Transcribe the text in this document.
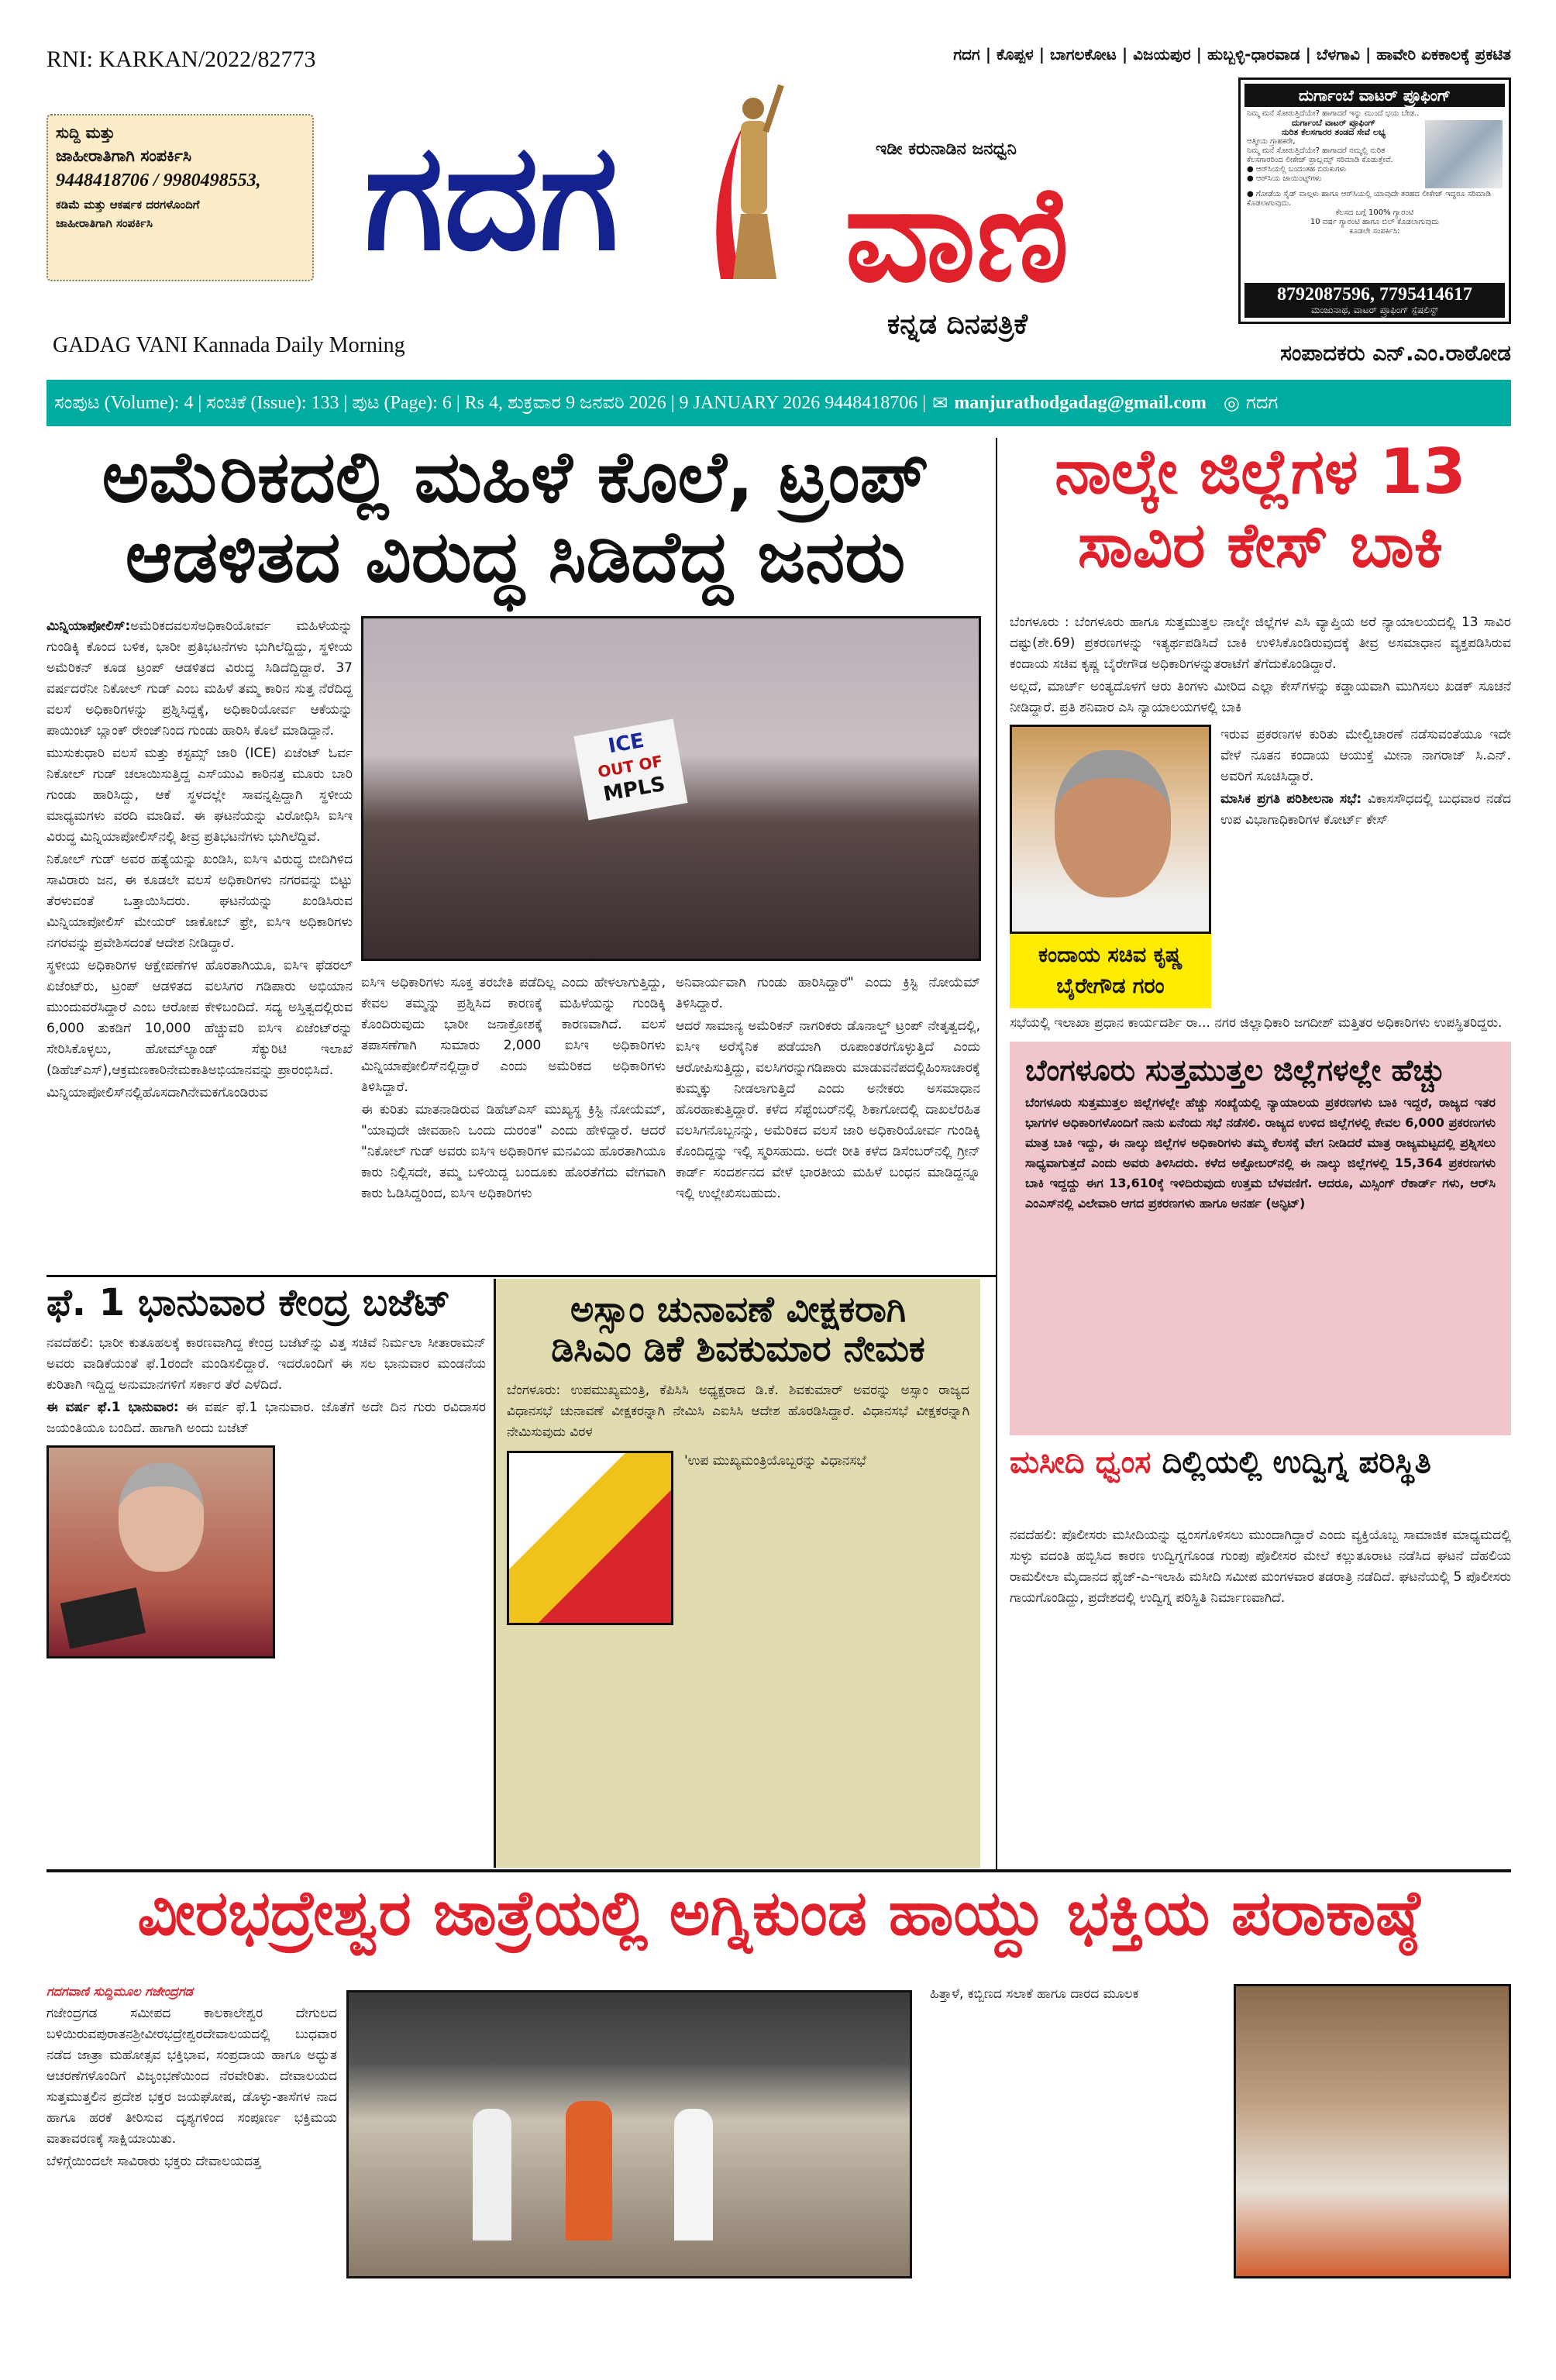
RNI: KARKAN/2022/82773	ಗದಗ | ಕೊಪ್ಪಳ | ಬಾಗಲಕೋಟ | ವಿಜಯಪುರ | ಹುಬ್ಬಳ್ಳಿ-ಧಾರವಾಡ | ಬೆಳಗಾವಿ | ಹಾವೇರಿ ಏಕಕಾಲಕ್ಕೆ ಪ್ರಕಟಿತ
ಸುದ್ದಿ ಮತ್ತು
ಜಾಹೀರಾತಿಗಾಗಿ ಸಂಪರ್ಕಿಸಿ
9448418706 / 9980498553,
ಕಡಿಮೆ ಮತ್ತು ಆಕರ್ಷಕ ದರಗಳೊಂದಿಗೆ
ಜಾಹೀರಾತಿಗಾಗಿ ಸಂಪರ್ಕಿಸಿ	ಗದಗ	ಇಡೀ ಕರುನಾಡಿನ ಜನಧ್ವನಿ
ವಾಣಿ
ಕನ್ನಡ ದಿನಪತ್ರಿಕೆ
ದುರ್ಗಾಂಬೆ ವಾಟರ್ ಪ್ರೂಫಿಂಗ್
ನಿಮ್ಮ ಮನೆ ಸೋರುತ್ತಿದೆಯೇ? ಹಾಗಾದರೆ ಇನ್ನು ಮುಂದೆ ಭಯ ಬೇಡ..
ದುರ್ಗಾಂಬೆ ವಾಟರ್ ಪ್ರೂಫಿಂಗ್
ನುರಿತ ಕೆಲಸಗಾರರ ತಂಡದ ಸೇವೆ ಲಭ್ಯ
ಆತ್ಮೀಯ ಗ್ರಾಹಕರೇ,
ನಿಮ್ಮ ಮನೆ ಸೋರುತ್ತಿದೆಯೇ? ಹಾಗಾದರೆ ನಮ್ಮಲ್ಲಿ ನುರಿತ ಕೆಲಸಗಾರರಿಂದ ಲೀಕೇಜ್ ಪ್ರಾಬ್ಲಮ್ಸ್ ಸರಿಮಾಡಿ ಕೊಡುತ್ತೇವೆ.
● ಆರ್‌ಸಿಯಲ್ಲಿ ಬಂದಂತಹ ಬಿರುಕುಗಳು
● ಆರ್‌ಸಿಯ ಜಾಯಿಂಟ್ಸ್‌ಗಳು
● ಗೋಡೆಯ ಸೈಡ್ ವಾಲ್ಗಳು ಹಾಗೂ ಆರ್‌ಸಿಯಲ್ಲಿ ಯಾವುದೇ ತರಹದ ಲೀಕೇಜ್ ಇದ್ದರೂ ಸರಿಮಾಡಿ ಕೊಡಲಾಗುವುದು.
ಕೆಲಸದ ಬಗ್ಗೆ 100% ಗ್ಯಾರಂಟಿ
10 ವರ್ಷ ಗ್ಯಾರಂಟಿ ಹಾಗೂ ಬಿಲ್ ಕೊಡಲಾಗುವುದು
ಕೂಡಲೇ ಸಂಪರ್ಕಿಸಿ:
8792087596, 7795414617
ಮಂಜುನಾಥ, ವಾಟರ್ ಪ್ರೂಫಿಂಗ್ ಸ್ಪೆಷಲಿಸ್ಟ್
GADAG VANI Kannada Daily Morning	ಸಂಪಾದಕರು ಎನ್.ಎಂ.ರಾಠೋಡ
ಸಂಪುಟ (Volume): 4 | ಸಂಚಿಕೆ (Issue): 133 | ಪುಟ (Page): 6 | Rs 4, ಶುಕ್ರವಾರ 9 ಜನವರಿ 2026 | 9 JANUARY 2026 9448418706 | ✉ manjurathodgadag@gmail.com ◎ ಗದಗ
ಅಮೆರಿಕದಲ್ಲಿ ಮಹಿಳೆ ಕೊಲೆ, ಟ್ರಂಪ್
ಆಡಳಿತದ ವಿರುದ್ಧ ಸಿಡಿದೆದ್ದ ಜನರು

ಮಿನ್ನಿಯಾಪೋಲಿಸ್:ಅಮೆರಿಕದವಲಸೆಅಧಿಕಾರಿಯೋರ್ವ ಮಹಿಳೆಯನ್ನು ಗುಂಡಿಕ್ಕಿ ಕೊಂದ ಬಳಿಕ, ಭಾರೀ ಪ್ರತಿಭಟನೆಗಳು ಭುಗಿಲೆದ್ದಿದ್ದು, ಸ್ಥಳೀಯ ಅಮೆರಿಕನ್ ಕೂಡ ಟ್ರಂಪ್ ಆಡಳಿತದ ವಿರುದ್ಧ ಸಿಡಿದೆದ್ದಿದ್ದಾರೆ. 37 ವರ್ಷದರೆನೀ ನಿಕೋಲ್ ಗುಡ್ ಎಂಬ ಮಹಿಳೆ ತಮ್ಮ ಕಾರಿನ ಸುತ್ತ ನೆರೆದಿದ್ದ ವಲಸೆ ಅಧಿಕಾರಿಗಳನ್ನು ಪ್ರಶ್ನಿಸಿದ್ದಕ್ಕೆ, ಅಧಿಕಾರಿಯೋರ್ವ ಆಕೆಯನ್ನು ಪಾಯಿಂಟ್ ಬ್ಲಾಂಕ್ ರೇಂಜ್‌ನಿಂದ ಗುಂಡು ಹಾರಿಸಿ ಕೊಲೆ ಮಾಡಿದ್ದಾನೆ.

ಮುಸುಕುಧಾರಿ ವಲಸೆ ಮತ್ತು ಕಸ್ಟಮ್ಸ್ ಜಾರಿ (ICE) ಏಜೆಂಟ್ ಓರ್ವ ನಿಕೋಲ್ ಗುಡ್ ಚಲಾಯಿಸುತ್ತಿದ್ದ ಎಸ್‌ಯುವಿ ಕಾರಿನತ್ತ ಮೂರು ಬಾರಿ ಗುಂಡು ಹಾರಿಸಿದ್ದು, ಆಕೆ ಸ್ಥಳದಲ್ಲೇ ಸಾವನ್ನಪ್ಪಿದ್ದಾಗಿ ಸ್ಥಳೀಯ ಮಾಧ್ಯಮಗಳು ವರದಿ ಮಾಡಿವೆ. ಈ ಘಟನೆಯನ್ನು ವಿರೋಧಿಸಿ ಐಸಿಇ ವಿರುದ್ಧ ಮಿನ್ನಿಯಾಪೋಲಿಸ್‌ನಲ್ಲಿ ತೀವ್ರ ಪ್ರತಿಭಟನೆಗಳು ಭುಗಿಲೆದ್ದಿವೆ.

ನಿಕೋಲ್ ಗುಡ್ ಅವರ ಹತ್ಯೆಯನ್ನು ಖಂಡಿಸಿ, ಐಸಿಇ ವಿರುದ್ಧ ಬೀದಿಗಿಳಿದ ಸಾವಿರಾರು ಜನ, ಈ ಕೂಡಲೇ ವಲಸೆ ಅಧಿಕಾರಿಗಳು ನಗರವನ್ನು ಬಿಟ್ಟು ತೆರಳುವಂತೆ ಒತ್ತಾಯಿಸಿದರು. ಘಟನೆಯನ್ನು ಖಂಡಿಸಿರುವ ಮಿನ್ನಿಯಾಪೋಲಿಸ್ ಮೇಯರ್ ಜಾಕೋಬ್ ಫ್ರೇ, ಐಸಿಇ ಅಧಿಕಾರಿಗಳು ನಗರವನ್ನು ಪ್ರವೇಶಿಸದಂತೆ ಆದೇಶ ನೀಡಿದ್ದಾರೆ.

ಸ್ಥಳೀಯ ಅಧಿಕಾರಿಗಳ ಆಕ್ಷೇಪಣೆಗಳ ಹೊರತಾಗಿಯೂ, ಐಸಿಇ ಫೆಡರಲ್ ಏಜೆಂಟ್‌ರು, ಟ್ರಂಪ್ ಆಡಳಿತದ ವಲಸಿಗರ ಗಡಿಪಾರು ಅಭಿಯಾನ ಮುಂದುವರೆಸಿದ್ದಾರೆ ಎಂಬ ಆರೋಪ ಕೇಳಿಬಂದಿದೆ. ಸದ್ಯ ಅಸ್ತಿತ್ವದಲ್ಲಿರುವ 6,000 ತುಕಡಿಗೆ 10,000 ಹೆಚ್ಚುವರಿ ಐಸಿಇ ಏಜೆಂಟ್‌ರನ್ನು ಸೇರಿಸಿಕೊಳ್ಳಲು, ಹೋಮ್‌ಲ್ಯಾಂಡ್ ಸೆಕ್ಯುರಿಟಿ ಇಲಾಖೆ (ಡಿಹೆಚ್‌ಎಸ್),ಆಕ್ರಮಣಕಾರಿನೇಮಕಾತಿಅಭಿಯಾನವನ್ನು ಪ್ರಾರಂಭಿಸಿದೆ.

ಮಿನ್ನಿಯಾಪೋಲಿಸ್‌ನಲ್ಲಿಹೊಸದಾಗಿನೇಮಕಗೊಂಡಿರುವ

ICE
OUT OF
MPLS

ಐಸಿಇ ಅಧಿಕಾರಿಗಳು ಸೂಕ್ತ ತರಬೇತಿ ಪಡೆದಿಲ್ಲ ಎಂದು ಹೇಳಲಾಗುತ್ತಿದ್ದು, ಕೇವಲ ತಮ್ಮನ್ನು ಪ್ರಶ್ನಿಸಿದ ಕಾರಣಕ್ಕೆ ಮಹಿಳೆಯನ್ನು ಗುಂಡಿಕ್ಕಿ ಕೊಂದಿರುವುದು ಭಾರೀ ಜನಾಕ್ರೋಶಕ್ಕೆ ಕಾರಣವಾಗಿದೆ. ವಲಸೆ ತಪಾಸಣೆಗಾಗಿ ಸುಮಾರು 2,000 ಐಸಿಇ ಅಧಿಕಾರಿಗಳು ಮಿನ್ನಿಯಾಪೋಲಿಸ್‌ನಲ್ಲಿದ್ದಾರೆ ಎಂದು ಅಮೆರಿಕದ ಅಧಿಕಾರಿಗಳು ತಿಳಿಸಿದ್ದಾರೆ.

ಈ ಕುರಿತು ಮಾತನಾಡಿರುವ ಡಿಹೆಚ್‌ಎಸ್ ಮುಖ್ಯಸ್ಥ ಕ್ರಿಸ್ಟಿ ನೋಯೆಮ್, "ಯಾವುದೇ ಜೀವಹಾನಿ ಒಂದು ದುರಂತ" ಎಂದು ಹೇಳಿದ್ದಾರೆ. ಆದರೆ "ನಿಕೋಲ್ ಗುಡ್ ಅವರು ಐಸಿಇ ಅಧಿಕಾರಿಗಳ ಮನವಿಯ ಹೊರತಾಗಿಯೂ ಕಾರು ನಿಲ್ಲಿಸದೇ, ತಮ್ಮ ಬಳಿಯಿದ್ದ ಬಂದೂಕು ಹೊರತೆಗೆದು ವೇಗವಾಗಿ ಕಾರು ಓಡಿಸಿದ್ದರಿಂದ, ಐಸಿಇ ಅಧಿಕಾರಿಗಳು

ಅನಿವಾರ್ಯವಾಗಿ ಗುಂಡು ಹಾರಿಸಿದ್ದಾರೆ" ಎಂದು ಕ್ರಿಸ್ಟಿ ನೋಯೆಮ್ ತಿಳಿಸಿದ್ದಾರೆ.

ಆದರೆ ಸಾಮಾನ್ಯ ಅಮೆರಿಕನ್ ನಾಗರಿಕರು ಡೊನಾಲ್ಡ್ ಟ್ರಂಪ್ ನೇತೃತ್ವದಲ್ಲಿ, ಐಸಿಇ ಅರೆಸೈನಿಕ ಪಡೆಯಾಗಿ ರೂಪಾಂತರಗೊಳ್ಳುತ್ತಿದೆ ಎಂದು ಆರೋಪಿಸುತ್ತಿದ್ದು, ವಲಸಿಗರನ್ನುಗಡಿಪಾರು ಮಾಡುವನೆಪದಲ್ಲಿಹಿಂಸಾಚಾರಕ್ಕೆ ಕುಮ್ಮಕ್ಕು ನೀಡಲಾಗುತ್ತಿದೆ ಎಂದು ಅನೇಕರು ಅಸಮಾಧಾನ ಹೊರಹಾಕುತ್ತಿದ್ದಾರೆ. ಕಳೆದ ಸೆಪ್ಟೆಂಬರ್‌ನಲ್ಲಿ ಶಿಕಾಗೋದಲ್ಲಿ ದಾಖಲೆರಹಿತ ವಲಸಿಗನೊಬ್ಬನನ್ನು, ಅಮೆರಿಕದ ವಲಸೆ ಜಾರಿ ಅಧಿಕಾರಿಯೋರ್ವ ಗುಂಡಿಕ್ಕಿ ಕೊಂದಿದ್ದನ್ನು ಇಲ್ಲಿ ಸ್ಮರಿಸಹುದು. ಅದೇ ರೀತಿ ಕಳೆದ ಡಿಸೆಂಬರ್‌ನಲ್ಲಿ ಗ್ರೀನ್ ಕಾರ್ಡ್ ಸಂದರ್ಶನದ ವೇಳೆ ಭಾರತೀಯ ಮಹಿಳೆ ಬಂಧನ ಮಾಡಿದ್ದನ್ನೂ ಇಲ್ಲಿ ಉಲ್ಲೇಖಿಸಬಹುದು.

ನಾಲ್ಕೇ ಜಿಲ್ಲೆಗಳ 13
ಸಾವಿರ ಕೇಸ್ ಬಾಕಿ

ಬೆಂಗಳೂರು : ಬೆಂಗಳೂರು ಹಾಗೂ ಸುತ್ತಮುತ್ತಲ ನಾಲ್ಕೇ ಜಿಲ್ಲೆಗಳ ಎಸಿ ವ್ಯಾಪ್ತಿಯ ಅರೆ ನ್ಯಾಯಾಲಯದಲ್ಲಿ 13 ಸಾವಿರ ದಷ್ಟು(ಶೇ.69) ಪ್ರಕರಣಗಳನ್ನು ಇತ್ಯರ್ಥಪಡಿಸಿದೆ ಬಾಕಿ ಉಳಿಸಿಕೊಂಡಿರುವುದಕ್ಕೆ ತೀವ್ರ ಅಸಮಾಧಾನ ವ್ಯಕ್ತಪಡಿಸಿರುವ ಕಂದಾಯ ಸಚಿವ ಕೃಷ್ಣ ಬೈರೇಗೌಡ ಅಧಿಕಾರಿಗಳನ್ನುತರಾಟೆಗೆ ತೆಗೆದುಕೊಂಡಿದ್ದಾರೆ.

ಅಲ್ಲದೆ, ಮಾರ್ಚ್ ಅಂತ್ಯದೊಳಗೆ ಆರು ತಿಂಗಳು ಮೀರಿದ ಎಲ್ಲಾ ಕೇಸ್‌ಗಳನ್ನು ಕಡ್ಡಾಯವಾಗಿ ಮುಗಿಸಲು ಖಡಕ್ ಸೂಚನೆ ನೀಡಿದ್ದಾರೆ. ಪ್ರತಿ ಶನಿವಾರ ಎಸಿ ನ್ಯಾಯಾಲಯಗಳಲ್ಲಿ ಬಾಕಿ

ಕಂದಾಯ ಸಚಿವ ಕೃಷ್ಣ ಬೈರೇಗೌಡ ಗರಂ

ಇರುವ ಪ್ರಕರಣಗಳ ಕುರಿತು ಮೇಲ್ವಿಚಾರಣೆ ನಡೆಸುವಂತೆಯೂ ಇದೇ ವೇಳೆ ನೂತನ ಕಂದಾಯ ಆಯುಕ್ತೆ ಮೀನಾ ನಾಗರಾಜ್ ಸಿ.ಎನ್. ಅವರಿಗೆ ಸೂಚಿಸಿದ್ದಾರೆ.

ಮಾಸಿಕ ಪ್ರಗತಿ ಪರಿಶೀಲನಾ ಸಭೆ: ವಿಕಾಸಸೌಧದಲ್ಲಿ ಬುಧವಾರ ನಡೆದ ಉಪ ವಿಭಾಗಾಧಿಕಾರಿಗಳ ಕೋರ್ಟ್ ಕೇಸ್

ಸಭೆಯಲ್ಲಿ ಇಲಾಖಾ ಪ್ರಧಾನ ಕಾರ್ಯದರ್ಶಿ ರಾ... ನಗರ ಜಿಲ್ಲಾಧಿಕಾರಿ ಜಗದೀಶ್ ಮತ್ತಿತರ ಅಧಿಕಾರಿಗಳು ಉಪಸ್ಥಿತರಿದ್ದರು.
ಬೆಂಗಳೂರು ಸುತ್ತಮುತ್ತಲ ಜಿಲ್ಲೆಗಳಲ್ಲೇ ಹೆಚ್ಚು
ಬೆಂಗಳೂರು ಸುತ್ತಮುತ್ತಲ ಜಿಲ್ಲೆಗಳಲ್ಲೇ ಹೆಚ್ಚು ಸಂಖ್ಯೆಯಲ್ಲಿ ನ್ಯಾಯಾಲಯ ಪ್ರಕರಣಗಳು ಬಾಕಿ ಇದ್ದರೆ, ರಾಜ್ಯದ ಇತರ ಭಾಗಗಳ ಅಧಿಕಾರಿಗಳೊಂದಿಗೆ ನಾನು ಏನೆಂದು ಸಭೆ ನಡೆಸಲಿ. ರಾಜ್ಯದ ಉಳಿದ ಜಿಲ್ಲೆಗಳಲ್ಲಿ ಕೇವಲ 6,000 ಪ್ರಕರಣಗಳು ಮಾತ್ರ ಬಾಕಿ ಇದ್ದು, ಈ ನಾಲ್ಕು ಜಿಲ್ಲೆಗಳ ಅಧಿಕಾರಿಗಳು ತಮ್ಮ ಕೆಲಸಕ್ಕೆ ವೇಗ ನೀಡಿದರೆ ಮಾತ್ರ ರಾಜ್ಯಮಟ್ಟದಲ್ಲಿ ಪ್ರಶ್ನಿಸಲು ಸಾಧ್ಯವಾಗುತ್ತದೆ ಎಂದು ಅವರು ತಿಳಿಸಿದರು. ಕಳೆದ ಅಕ್ಟೋಬರ್‌ನಲ್ಲಿ ಈ ನಾಲ್ಕು ಜಿಲ್ಲೆಗಳಲ್ಲಿ 15,364 ಪ್ರಕರಣಗಳು ಬಾಕಿ ಇದ್ದದ್ದು ಈಗ 13,610ಕ್ಕೆ ಇಳಿದಿರುವುದು ಉತ್ತಮ ಬೆಳವಣಿಗೆ. ಆದರೂ, ಮಿಸ್ಸಿಂಗ್ ರೆಕಾರ್ಡ್ ಗಳು, ಆರ್‌ಸಿ ಎಂಎಸ್‌ನಲ್ಲಿ ವಿಲೇವಾರಿ ಆಗದ ಪ್ರಕರಣಗಳು ಹಾಗೂ ಅನರ್ಹ (ಅನ್ಫಿಟ್)
ಫೆ. 1 ಭಾನುವಾರ ಕೇಂದ್ರ ಬಜೆಟ್

ನವದೆಹಲಿ: ಭಾರೀ ಕುತೂಹಲಕ್ಕೆ ಕಾರಣವಾಗಿದ್ದ ಕೇಂದ್ರ ಬಜೆಟ್‌ನ್ನು ವಿತ್ತ ಸಚಿವೆ ನಿರ್ಮಲಾ ಸೀತಾರಾಮನ್ ಅವರು ವಾಡಿಕೆಯಂತೆ ಫೆ.1ರಂದೇ ಮಂಡಿಸಲಿದ್ದಾರೆ. ಇದರೊಂದಿಗೆ ಈ ಸಲ ಭಾನುವಾರ ಮಂಡನೆಯ ಕುರಿತಾಗಿ ಇದ್ದಿದ್ದ ಅನುಮಾನಗಳಿಗೆ ಸರ್ಕಾರ ತೆರೆ ಎಳೆದಿದೆ.

ಈ ವರ್ಷ ಫೆ.1 ಭಾನುವಾರ: ಈ ವರ್ಷ ಫೆ.1 ಭಾನುವಾರ. ಜೊತೆಗೆ ಅದೇ ದಿನ ಗುರು ರವಿದಾಸರ ಜಯಂತಿಯೂ ಬಂದಿದೆ. ಹಾಗಾಗಿ ಅಂದು ಬಜೆಟ್

ಅಸ್ಸಾಂ ಚುನಾವಣೆ ವೀಕ್ಷಕರಾಗಿ
ಡಿಸಿಎಂ ಡಿಕೆ ಶಿವಕುಮಾರ ನೇಮಕ

ಬೆಂಗಳೂರು: ಉಪಮುಖ್ಯಮಂತ್ರಿ, ಕೆಪಿಸಿಸಿ ಅಧ್ಯಕ್ಷರಾದ ಡಿ.ಕೆ. ಶಿವಕುಮಾರ್ ಅವರನ್ನು ಅಸ್ಸಾಂ ರಾಜ್ಯದ ವಿಧಾನಸಭೆ ಚುನಾವಣೆ ವೀಕ್ಷಕರನ್ನಾಗಿ ನೇಮಿಸಿ ಎಐಸಿಸಿ ಆದೇಶ ಹೊರಡಿಸಿದ್ದಾರೆ. ವಿಧಾನಸಭೆ ವೀಕ್ಷಕರನ್ನಾಗಿ ನೇಮಿಸುವುದು ವಿರಳ

'ಉಪ ಮುಖ್ಯಮಂತ್ರಿಯೊಬ್ಬರನ್ನು ವಿಧಾನಸಭೆ	ಮಸೀದಿ ಧ್ವಂಸ ದಿಲ್ಲಿಯಲ್ಲಿ ಉದ್ವಿಗ್ನ ಪರಿಸ್ಥಿತಿ
ನವದೆಹಲಿ: ಪೊಲೀಸರು ಮಸೀದಿಯನ್ನು ಧ್ವಂಸಗೊಳಿಸಲು ಮುಂದಾಗಿದ್ದಾರೆ ಎಂದು ವ್ಯಕ್ತಿಯೊಬ್ಬ ಸಾಮಾಜಿಕ ಮಾಧ್ಯಮದಲ್ಲಿ ಸುಳ್ಳು ವದಂತಿ ಹಬ್ಬಿಸಿದ ಕಾರಣ ಉದ್ವಿಗ್ನಗೊಂಡ ಗುಂಪು ಪೊಲೀಸರ ಮೇಲೆ ಕಲ್ಲುತೂರಾಟ ನಡೆಸಿದ ಘಟನೆ ದೆಹಲಿಯ ರಾಮಲೀಲಾ ಮೈದಾನದ ಫೈಜ್-ಎ-ಇಲಾಹಿ ಮಸೀದಿ ಸಮೀಪ ಮಂಗಳವಾರ ತಡರಾತ್ರಿ ನಡೆದಿದೆ. ಘಟನೆಯಲ್ಲಿ 5 ಪೊಲೀಸರು ಗಾಯಗೊಂಡಿದ್ದು, ಪ್ರದೇಶದಲ್ಲಿ ಉದ್ವಿಗ್ನ ಪರಿಸ್ಥಿತಿ ನಿರ್ಮಾಣವಾಗಿದೆ.
ವೀರಭದ್ರೇಶ್ವರ ಜಾತ್ರೆಯಲ್ಲಿ ಅಗ್ನಿಕುಂಡ ಹಾಯ್ದು ಭಕ್ತಿಯ ಪರಾಕಾಷ್ಠೆ
ಗದಗವಾಣಿ ಸುದ್ದಿಮೂಲ ಗಜೇಂದ್ರಗಡ

ಗಜೇಂದ್ರಗಡ ಸಮೀಪದ ಕಾಲಕಾಲೇಶ್ವರ ದೇಗುಲದ ಬಳಿಯಿರುವಪುರಾತನಶ್ರೀವೀರಭದ್ರೇಶ್ವರದೇವಾಲಯದಲ್ಲಿ ಬುಧವಾರ ನಡೆದ ಜಾತ್ರಾ ಮಹೋತ್ಸವ ಭಕ್ತಿಭಾವ, ಸಂಪ್ರದಾಯ ಹಾಗೂ ಅದ್ಭುತ ಆಚರಣೆಗಳೊಂದಿಗೆ ವಿಜೃಂಭಣೆಯಿಂದ ನೆರವೇರಿತು. ದೇವಾಲಯದ ಸುತ್ತಮುತ್ತಲಿನ ಪ್ರದೇಶ ಭಕ್ತರ ಜಯಘೋಷ, ಡೊಳ್ಳು-ತಾಸೆಗಳ ನಾದ ಹಾಗೂ ಹರಕೆ ತೀರಿಸುವ ದೃಶ್ಯಗಳಿಂದ ಸಂಪೂರ್ಣ ಭಕ್ತಿಮಯ ವಾತಾವರಣಕ್ಕೆ ಸಾಕ್ಷಿಯಾಯಿತು.

ಬೆಳಿಗ್ಗೆಯಿಂದಲೇ ಸಾವಿರಾರು ಭಕ್ತರು ದೇವಾಲಯದತ್ತ

ಹಿತ್ತಾಳೆ, ಕಬ್ಬಿಣದ ಸಲಾಕೆ ಹಾಗೂ ದಾರದ ಮೂಲಕ
